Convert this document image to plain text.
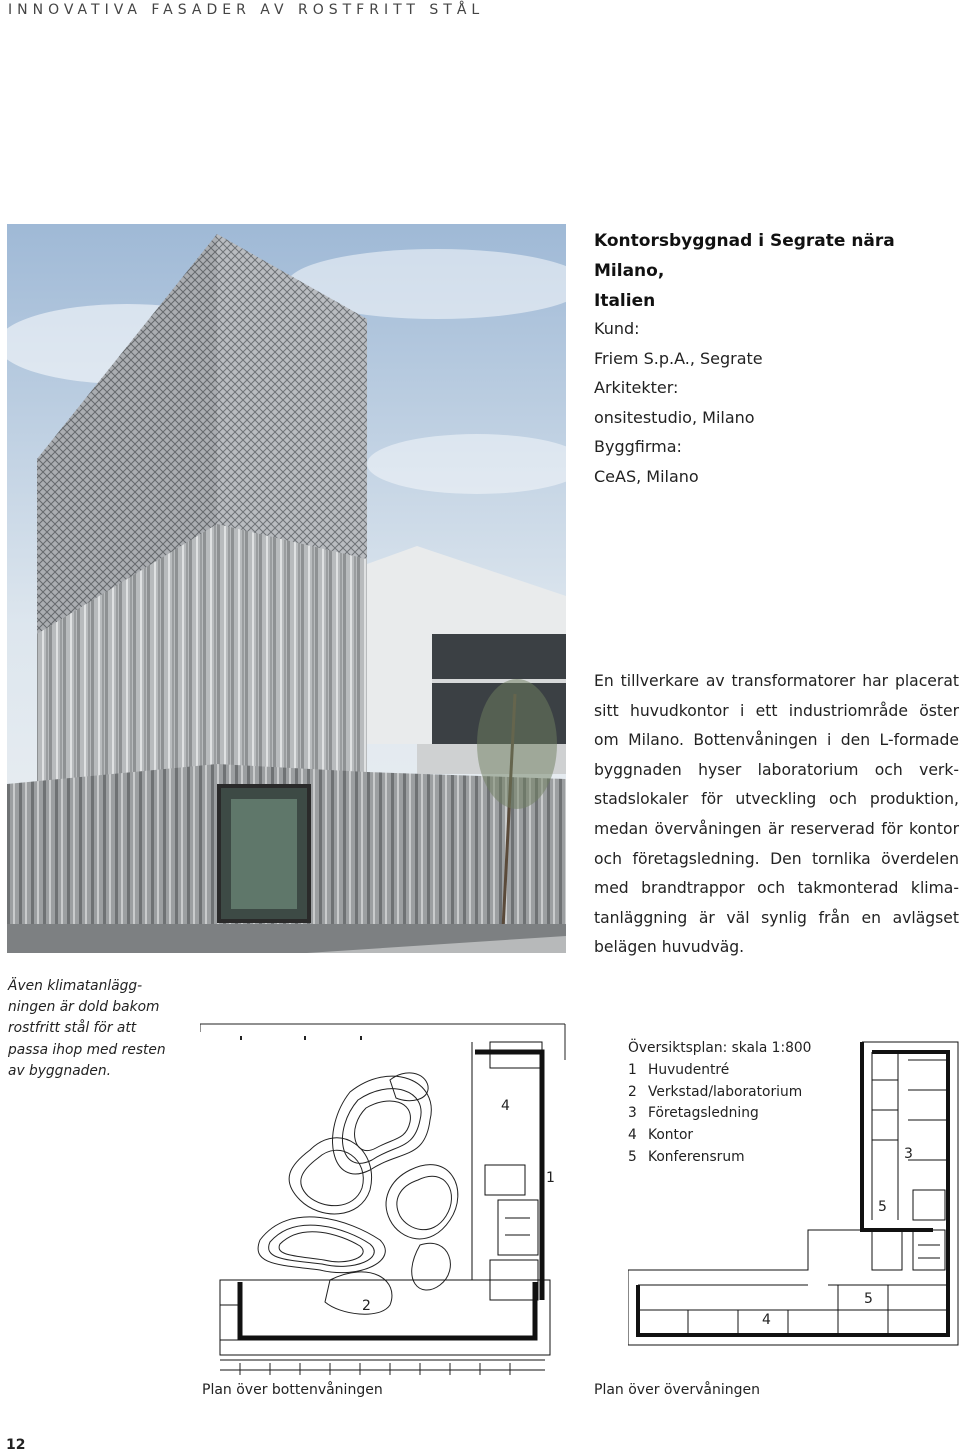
INNOVATIVA FASADER AV ROSTFRITT STÅL
Kontorsbyggnad i Segrate nära Milano,
Italien
Kund:
Friem S.p.A., Segrate
Arkitekter:
onsitestudio, Milano
Byggfirma:
CeAS, Milano
En tillverkare av transformatorer har placerat
sitt huvudkontor i ett industriområde öster
om Milano. Bottenvåningen i den L-formade
byggnaden hyser laboratorium och verk-
stadslokaler för utveckling och produktion,
medan övervåningen är reserverad för kontor
och företagsledning. Den tornlika överdelen
med brandtrappor och takmonterad klima-
tanläggning är väl synlig från en avlägset
belägen huvudväg.
Även klimatanlägg-
ningen är dold bakom
rostfritt stål för att
passa ihop med resten
av byggnaden.
4
1
2
Översiktsplan: skala 1:800
1 Huvudentré
2 Verkstad/laboratorium
3 Företagsledning
4 Kontor
5 Konferensrum	3
5
5
4
Plan över bottenvåningen	Plan över övervåningen
12
